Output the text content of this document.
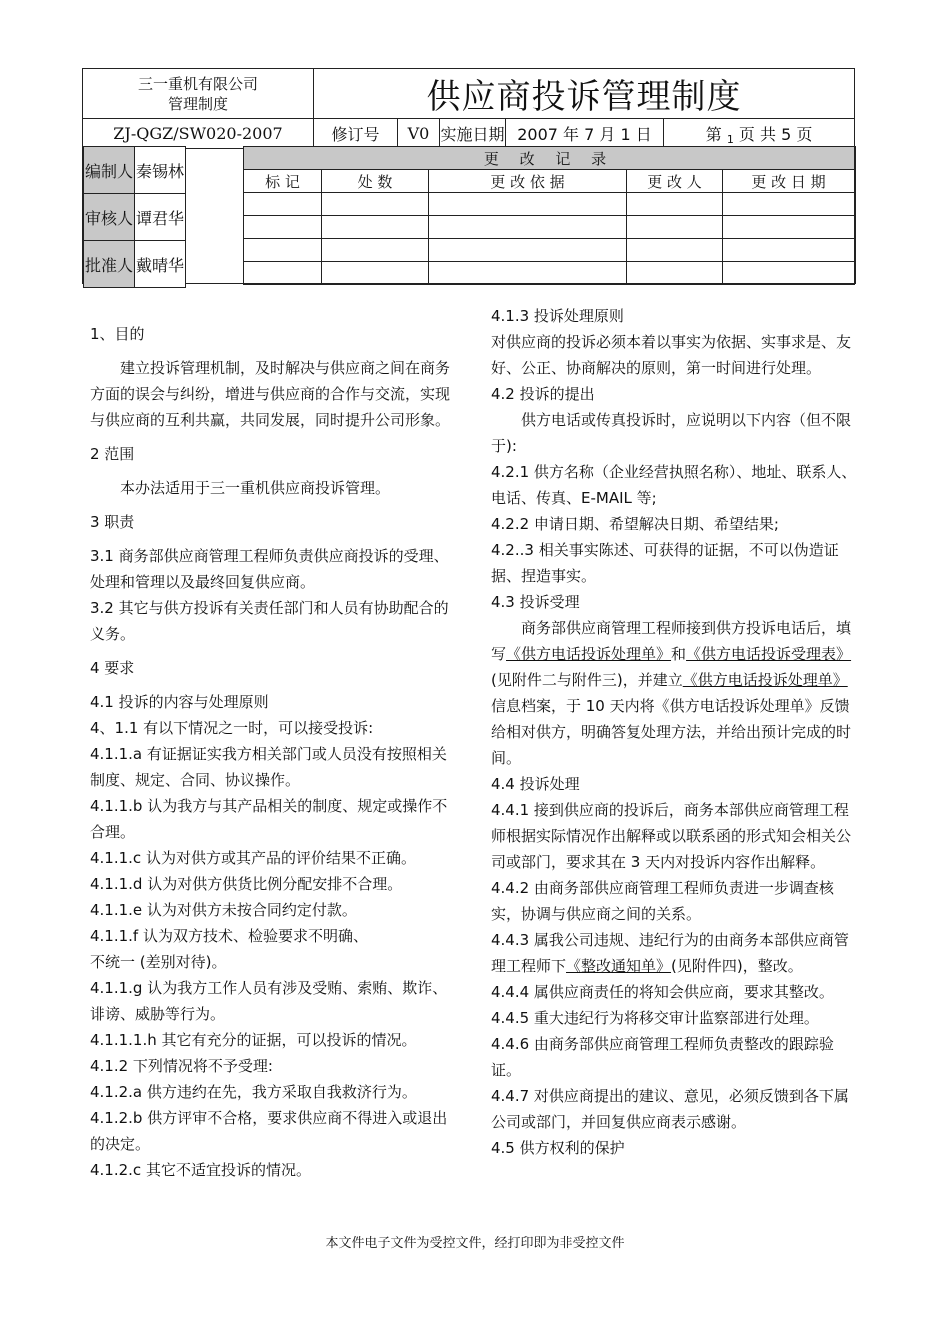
三一重机有限公司
管理制度	供应商投诉管理制度				
ZJ-QGZ/SW020-2007	修订号	V0	实施日期	2007 年 7 月 1 日	第 1 页 共 5 页
编制人	秦锡林
审核人	谭君华
批准人	戴晴华
更 改 记 录				
标 记	处 数	更 改 依 据	更 改 人	更 改 日 期

1、目的

建立投诉管理机制，及时解决与供应商之间在商务方面的误会与纠纷，增进与供应商的合作与交流，实现与供应商的互利共赢，共同发展，同时提升公司形象。

2 范围

本办法适用于三一重机供应商投诉管理。

3 职责

3.1 商务部供应商管理工程师负责供应商投诉的受理、处理和管理以及最终回复供应商。

3.2 其它与供方投诉有关责任部门和人员有协助配合的义务。

4 要求

4.1 投诉的内容与处理原则

4、1.1 有以下情况之一时，可以接受投诉:

4.1.1.a 有证据证实我方相关部门或人员没有按照相关制度、规定、合同、协议操作。

4.1.1.b 认为我方与其产品相关的制度、规定或操作不合理。

4.1.1.c 认为对供方或其产品的评价结果不正确。

4.1.1.d 认为对供方供货比例分配安排不合理。

4.1.1.e 认为对供方未按合同约定付款。

4.1.1.f 认为双方技术、检验要求不明确、

不统一 (差别对待)。

4.1.1.g 认为我方工作人员有涉及受贿、索贿、欺诈、诽谤、威胁等行为。

4.1.1.1.h 其它有充分的证据，可以投诉的情况。

4.1.2 下列情况将不予受理:

4.1.2.a 供方违约在先，我方采取自我救济行为。

4.1.2.b 供方评审不合格，要求供应商不得进入或退出的决定。

4.1.2.c 其它不适宜投诉的情况。

4.1.3 投诉处理原则

对供应商的投诉必须本着以事实为依据、实事求是、友好、公正、协商解决的原则，第一时间进行处理。

4.2 投诉的提出

供方电话或传真投诉时，应说明以下内容（但不限于):

4.2.1 供方名称（企业经营执照名称）、地址、联系人、电话、传真、E-MAIL 等;

4.2.2 申请日期、希望解决日期、希望结果;

4.2..3 相关事实陈述、可获得的证据，不可以伪造证据、捏造事实。

4.3 投诉受理

商务部供应商管理工程师接到供方投诉电话后，填写《供方电话投诉处理单》和《供方电话投诉受理表》(见附件二与附件三)，并建立《供方电话投诉处理单》信息档案，于 10 天内将《供方电话投诉处理单》反馈给相对供方，明确答复处理方法，并给出预计完成的时间。

4.4 投诉处理

4.4.1 接到供应商的投诉后，商务本部供应商管理工程师根据实际情况作出解释或以联系函的形式知会相关公司或部门，要求其在 3 天内对投诉内容作出解释。

4.4.2 由商务部供应商管理工程师负责进一步调查核实，协调与供应商之间的关系。

4.4.3 属我公司违规、违纪行为的由商务本部供应商管理工程师下《整改通知单》(见附件四)，整改。

4.4.4 属供应商责任的将知会供应商，要求其整改。

4.4.5 重大违纪行为将移交审计监察部进行处理。

4.4.6 由商务部供应商管理工程师负责整改的跟踪验证。

4.4.7 对供应商提出的建议、意见，必须反馈到各下属公司或部门，并回复供应商表示感谢。

4.5 供方权利的保护

本文件电子文件为受控文件，经打印即为非受控文件
